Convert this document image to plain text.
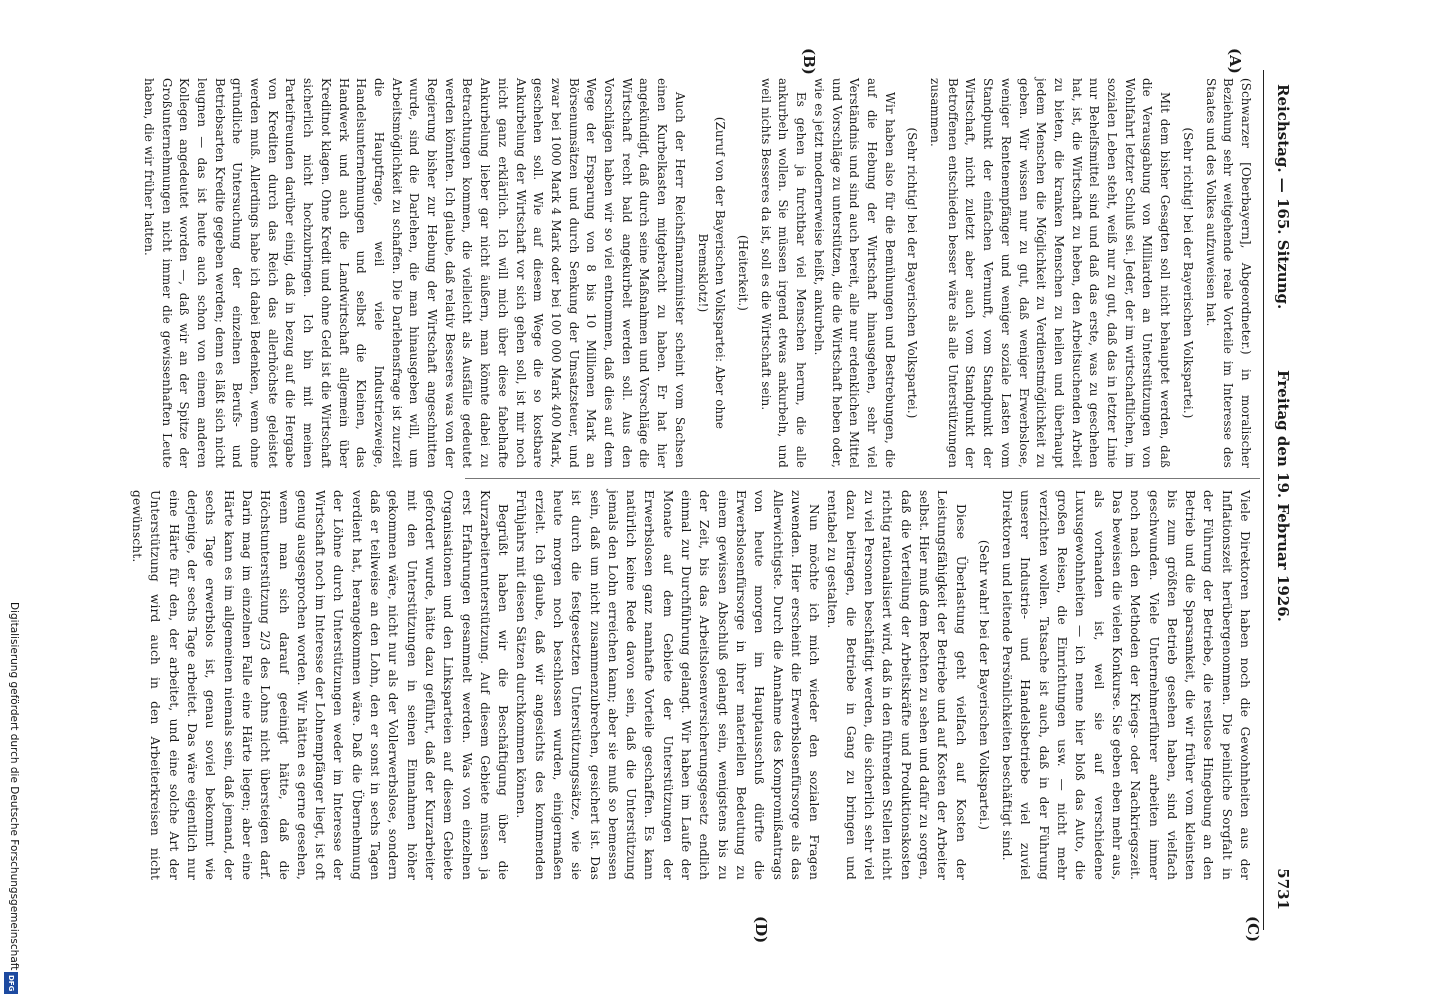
Reichstag. — 165. Sitzung.
Freitag den 19. Februar 1926.
5731
(A)
(B)
(C)
(D)

(Schwarzer [Oberbayern], Abgeordneter.) in moralischer Beziehung sehr weitgehende reale Vorteile im Interesse des Staates und des Volkes aufzuweisen hat.

(Sehr richtig! bei der Bayerischen Volkspartei.)

Mit dem bisher Gesagten soll nicht behauptet werden, daß die Verausgabung von Milliarden an Unterstützungen von Wohlfahrt letzter Schluß sei. Jeder, der im wirtschaftlichen, im sozialen Leben steht, weiß nur zu gut, daß das in letzter Linie nur Behelfsmittel sind und daß das erste, was zu geschehen hat, ist, die Wirtschaft zu heben, den Arbeitsuchenden Arbeit zu bieten, die kranken Menschen zu heilen und überhaupt jedem Menschen die Möglichkeit zu Verdienstmöglichkeit zu geben. Wir wissen nur zu gut, daß weniger Erwerbslose, weniger Rentenempfänger und weniger soziale Lasten vom Standpunkt der einfachen Vernunft, vom Standpunkt der Wirtschaft, nicht zuletzt aber auch vom Standpunkt der Betroffenen entschieden besser wäre als alle Unterstützungen zusammen.

(Sehr richtig! bei der Bayerischen Volkspartei.)

Wir haben also für die Bemühungen und Bestrebungen, die auf die Hebung der Wirtschaft hinausgehen, sehr viel Verständnis und sind auch bereit, alle nur erdenklichen Mittel und Vorschläge zu unterstützen, die die Wirtschaft heben oder, wie es jetzt modernerweise heißt, ankurbeln.

Es gehen ja furchtbar viel Menschen herum, die alle ankurbeln wollen. Sie müssen irgend etwas ankurbeln, und weil nichts Besseres da ist, soll es die Wirtschaft sein.

(Heiterkeit.)

(Zuruf von der Bayerischen Volkspartei: Aber ohne Bremsklotz!)

Auch der Herr Reichsfinanzminister scheint vom Sachsen einen Kurbelkasten mitgebracht zu haben. Er hat hier angekündigt, daß durch seine Maßnahmen und Vorschläge die Wirtschaft recht bald angekurbelt werden soll. Aus den Vorschlägen haben wir so viel entnommen, daß dies auf dem Wege der Ersparung von 8 bis 10 Millionen Mark an Börsenumsätzen und durch Senkung der Umsatzsteuer, und zwar bei 1000 Mark 4 Mark oder bei 100 000 Mark 400 Mark, geschehen soll. Wie auf diesem Wege die so kostbare Ankurbelung der Wirtschaft vor sich gehen soll, ist mir noch nicht ganz erklärlich. Ich will mich über diese fabelhafte Ankurbelung lieber gar nicht äußern, man könnte dabei zu Betrachtungen kommen, die vielleicht als Ausfälle gedeutet werden könnten. Ich glaube, daß relativ Besseres was von der Regierung bisher zur Hebung der Wirtschaft angeschnitten wurde, sind die Darlehen, die man hinausgeben will, um Arbeitsmöglichkeit zu schaffen. Die Darlehensfrage ist zurzeit die Hauptfrage, weil viele Industriezweige, Handelsunternehmungen und selbst die Kleinen, das Handwerk und auch die Landwirtschaft allgemein über Kreditnot klagen. Ohne Kredit und ohne Geld ist die Wirtschaft sicherlich nicht hochzubringen. Ich bin mit meinen Parteifreunden darüber einig, daß in bezug auf die Hergabe von Krediten durch das Reich das allerhöchste geleistet werden muß. Allerdings habe ich dabei Bedenken, wenn ohne gründliche Untersuchung der einzelnen Berufs- und Betriebsarten Kredite gegeben werden; denn es läßt sich nicht leugnen — das ist heute auch schon von einem anderen Kollegen angedeutet worden —, daß wir an der Spitze der Großunternehmungen nicht immer die gewissenhaften Leute haben, die wir früher hatten.

Viele Direktoren haben noch die Gewohnheiten aus der Inflationszeit herübergenommen. Die peinliche Sorgfalt in der Führung der Betriebe, die restlose Hingebung an den Betrieb und die Sparsamkeit, die wir früher vom kleinsten bis zum größten Betrieb gesehen haben, sind vielfach geschwunden. Viele Unternehmerführer arbeiten immer noch nach den Methoden der Kriegs- oder Nachkriegszeit. Das beweisen die vielen Konkurse. Sie geben eben mehr aus, als vorhanden ist, weil sie auf verschiedene Luxusgewohnheiten — ich nenne hier bloß das Auto, die großen Reisen, die Einrichtungen usw. — nicht mehr verzichten wollen. Tatsache ist auch, daß in der Führung unserer Industrie- und Handelsbetriebe viel zuviel Direktoren und leitende Persönlichkeiten beschäftigt sind.

(Sehr wahr! bei der Bayerischen Volkspartei.)

Diese Überlastung geht vielfach auf Kosten der Leistungsfähigkeit der Betriebe und auf Kosten der Arbeiter selbst. Hier muß dem Rechten zu sehen und dafür zu sorgen, daß die Verteilung der Arbeitskräfte und Produktionskosten richtig rationalisiert wird, daß in den führenden Stellen nicht zu viel Personen beschäftigt werden, die sicherlich sehr viel dazu beitragen, die Betriebe in Gang zu bringen und rentabel zu gestalten.

Nun möchte ich mich wieder den sozialen Fragen zuwenden. Hier erscheint die Erwerbslosenfürsorge als das Allerwichtigste. Durch die Annahme des Kompromißantrags von heute morgen im Hauptausschuß dürfte die Erwerbslosenfürsorge in ihrer materiellen Bedeutung zu einem gewissen Abschluß gelangt sein, wenigstens bis zu der Zeit, bis das Arbeitslosenversicherungsgesetz endlich einmal zur Durchführung gelangt. Wir haben im Laufe der Monate auf dem Gebiete der Unterstützungen der Erwerbslosen ganz namhafte Vorteile geschaffen. Es kann natürlich keine Rede davon sein, daß die Unterstützung jemals den Lohn erreichen kann; aber sie muß so bemessen sein, daß um nicht zusammenzubrechen, gesichert ist. Das ist durch die festgesetzten Unterstützungssätze, wie sie heute morgen noch beschlossen wurden, einigermaßen erzielt. Ich glaube, daß wir angesichts des kommenden Frühjahrs mit diesen Sätzen durchkommen können.

Begrüßt haben wir die Beschäftigung über die Kurzarbeiterunterstützung. Auf diesem Gebiete müssen ja erst Erfahrungen gesammelt werden. Was von einzelnen Organisationen und den Linksparteien auf diesem Gebiete gefordert wurde, hätte dazu geführt, daß der Kurzarbeiter mit den Unterstützungen in seinen Einnahmen höher gekommen wäre, nicht nur als der Vollerwerbslose, sondern daß er teilweise an den Lohn, den er sonst in sechs Tagen verdient hat, herangekommen wäre. Daß die Übernehmung der Löhne durch Unterstützungen weder im Interesse der Wirtschaft noch im Interesse der Lohnempfänger liegt, ist oft genug ausgesprochen worden. Wir hätten es gerne gesehen, wenn man sich darauf geeinigt hätte, daß die Höchstunterstützung 2/3 des Lohns nicht übersteigen darf. Darin mag im einzelnen Falle eine Härte liegen; aber eine Härte kann es im allgemeinen niemals sein, daß jemand, der sechs Tage erwerbslos ist, genau soviel bekommt wie derjenige, der sechs Tage arbeitet. Das wäre eigentlich nur eine Härte für den, der arbeitet, und eine solche Art der Unterstützung wird auch in den Arbeiterkreisen nicht gewünscht.

Digitalisierung gefördert durch die Deutsche Forschungsgemeinschaft
DFG
